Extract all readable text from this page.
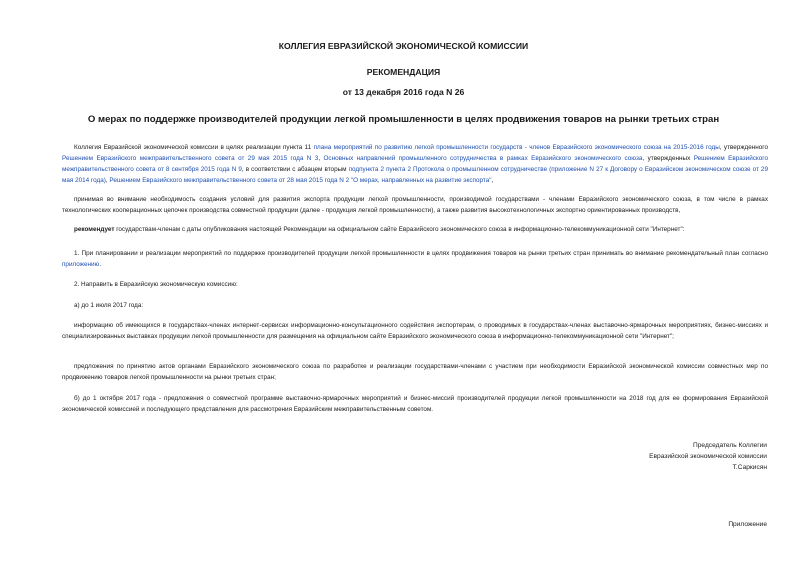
КОЛЛЕГИЯ ЕВРАЗИЙСКОЙ ЭКОНОМИЧЕСКОЙ КОМИССИИ
РЕКОМЕНДАЦИЯ
от 13 декабря 2016 года N 26
О мерах по поддержке производителей продукции легкой промышленности в целях продвижения товаров на рынки третьих стран

Коллегия Евразийской экономической комиссии в целях реализации пункта 11 плана мероприятий по развитию легкой промышленности государств - членов Евразийского экономического союза на 2015-2016 годы, утвержденного Решением Евразийского межправительственного совета от 29 мая 2015 года N 3, Основных направлений промышленного сотрудничества в рамках Евразийского экономического союза, утвержденных Решением Евразийского межправительственного совета от 8 сентября 2015 года N 9, в соответствии с абзацем вторым подпункта 2 пункта 2 Протокола о промышленном сотрудничестве (приложение N 27 к Договору о Евразийском экономическом союзе от 29 мая 2014 года), Решением Евразийского межправительственного совета от 28 мая 2015 года N 2 "О мерах, направленных на развитие экспорта",

принимая во внимание необходимость создания условий для развития экспорта продукции легкой промышленности, производимой государствами - членами Евразийского экономического союза, в том числе в рамках технологических кооперационных цепочек производства совместной продукции (далее - продукция легкой промышленности), а также развития высокотехнологичных экспортно ориентированных производств,

рекомендует государствам-членам с даты опубликования настоящей Рекомендации на официальном сайте Евразийского экономического союза в информационно-телекоммуникационной сети "Интернет":

1. При планировании и реализации мероприятий по поддержке производителей продукции легкой промышленности в целях продвижения товаров на рынки третьих стран принимать во внимание рекомендательный план согласно приложению.

2. Направить в Евразийскую экономическую комиссию:

а) до 1 июля 2017 года:

информацию об имеющихся в государствах-членах интернет-сервисах информационно-консультационного содействия экспортерам, о проводимых в государствах-членах выставочно-ярмарочных мероприятиях, бизнес-миссиях и специализированных выставках продукции легкой промышленности для размещения на официальном сайте Евразийского экономического союза в информационно-телекоммуникационной сети "Интернет";

предложения по принятию актов органами Евразийского экономического союза по разработке и реализации государствами-членами с участием при необходимости Евразийской экономической комиссии совместных мер по продвижению товаров легкой промышленности на рынки третьих стран;

б) до 1 октября 2017 года - предложения о совместной программе выставочно-ярмарочных мероприятий и бизнес-миссий производителей продукции легкой промышленности на 2018 год для ее формирования Евразийской экономической комиссией и последующего представления для рассмотрения Евразийским межправительственным советом.

Председатель Коллегии
Евразийской экономической комиссии
Т.Саркисян
Приложение
